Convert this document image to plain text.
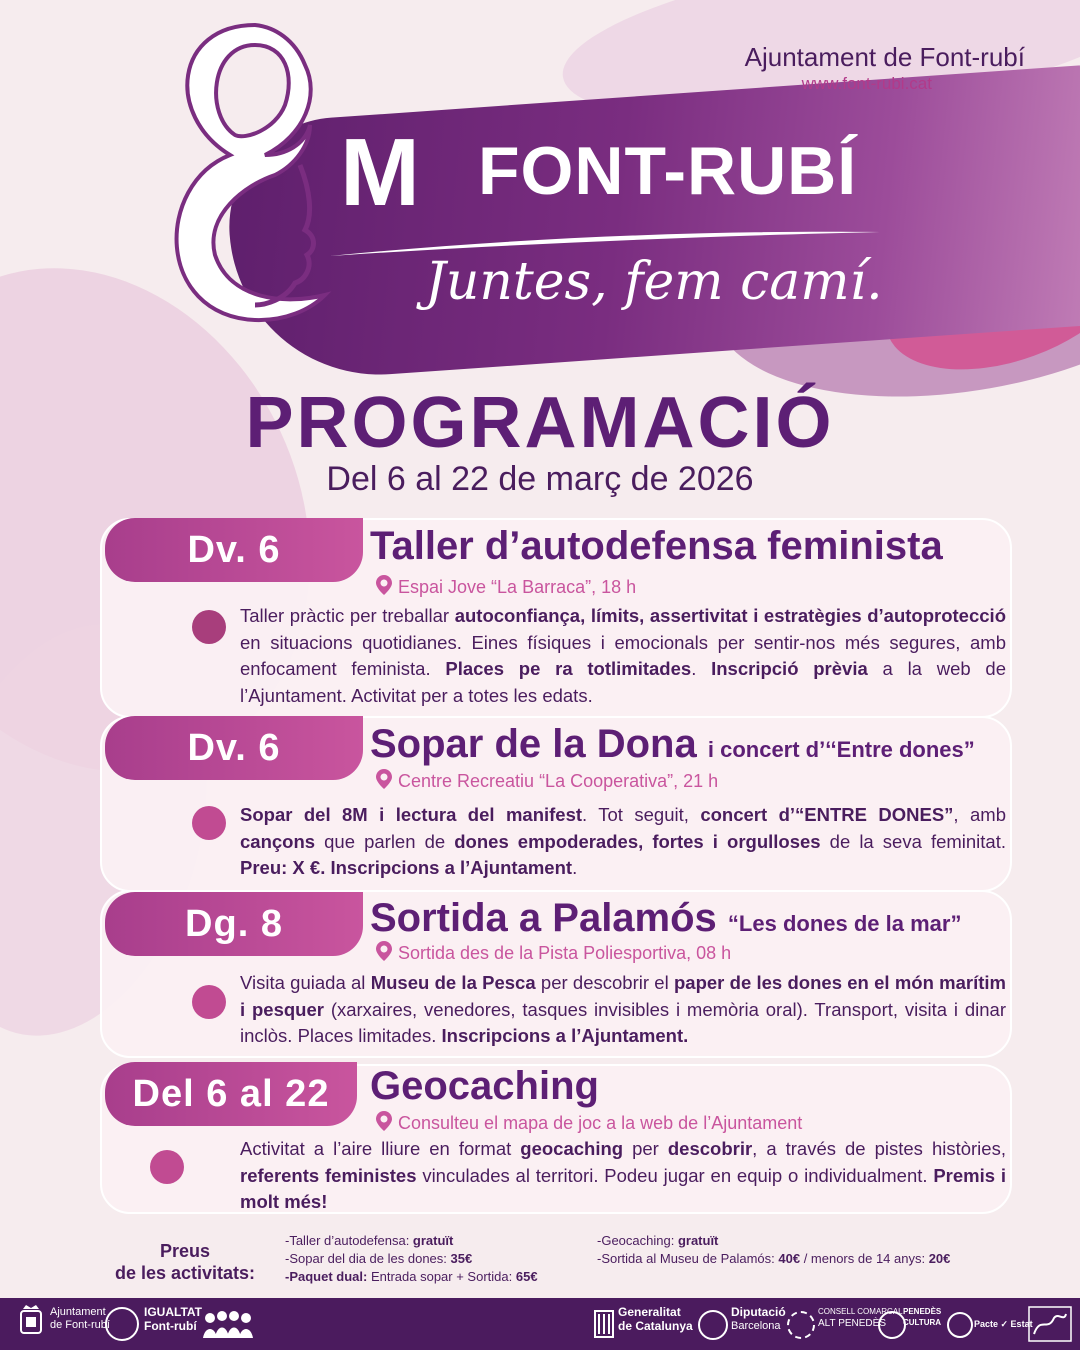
M FONT-RUBÍ
Juntes, fem camí.
Ajuntament de Font-rubí
www.font-rubi.cat
PROGRAMACIÓ
Del 6 al 22 de març de 2026
Dv. 6	Taller d’autodefensa feminista
Espai Jove “La Barraca”, 18 h
Taller pràctic per treballar autoconfiança, límits, assertivitat i estratègies d’autoprotecció en situacions quotidianes. Eines físiques i emocionals per sentir-nos més segures, amb enfocament feminista. Places pe ra totlimitades. Inscripció prèvia a la web de l’Ajuntament. Activitat per a totes les edats.
Dv. 6	Sopar de la Dona i concert d’‘‘Entre dones”
Centre Recreatiu “La Cooperativa”, 21 h
Sopar del 8M i lectura del manifest. Tot seguit, concert d’“ENTRE DONES”, amb cançons que parlen de dones empoderades, fortes i orgulloses de la seva feminitat. Preu: X €. Inscripcions a l’Ajuntament.
Dg. 8	Sortida a Palamós “Les dones de la mar”
Sortida des de la Pista Poliesportiva, 08 h
Visita guiada al Museu de la Pesca per descobrir el paper de les dones en el món marítim i pesquer (xarxaires, venedores, tasques invisibles i memòria oral). Transport, visita i dinar inclòs. Places limitades. Inscripcions a l’Ajuntament.
Del 6 al 22	Geocaching
Consulteu el mapa de joc a la web de l’Ajuntament
Activitat a l’aire lliure en format geocaching per descobrir, a través de pistes històries, referents feministes vinculades al territori. Podeu jugar en equip o individualment. Premis i molt més!
Preus
de les activitats:
-Taller d’autodefensa: gratuït
-Sopar del dia de les dones: 35€
-Paquet dual: Entrada sopar + Sortida: 65€
-Geocaching: gratuït
-Sortida al Museu de Palamós: 40€ / menors de 14 anys: 20€
Ajuntament
de Font-rubí
IGUALTAT
Font-rubí
Generalitat
de Catalunya
Diputació
Barcelona
CONSELL COMARCAL
ALT PENEDÈS
PENEDÈS
CULTURA	Pacte ✓ Estat
